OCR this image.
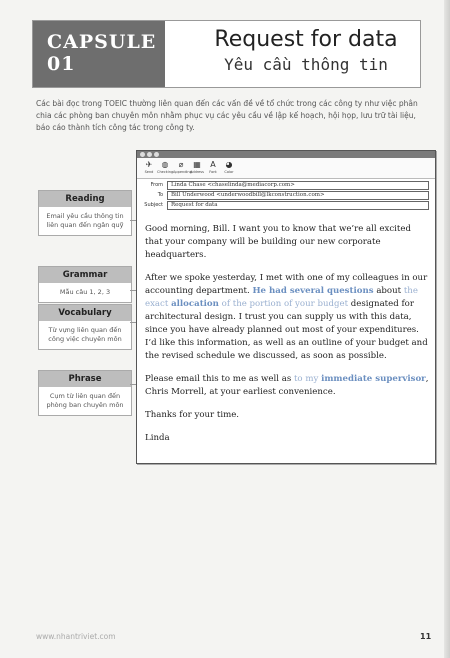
CAPSULE 01
Request for data
Yêu cầu thông tin
Các bài đọc trong TOEIC thường liên quan đến các vấn đề về tổ chức trong các công ty như việc phân chia các phòng ban chuyên môn nhằm phục vụ các yêu cầu về lập kế hoạch, hội họp, lưu trữ tài liệu, báo cáo thành tích công tác trong công ty.
Reading
Email yêu cầu thông tin liên quan đến ngân quỹ
Grammar
Mẫu câu 1, 2, 3
Vocabulary
Từ vựng liên quan đến công việc chuyên môn
Phrase
Cụm từ liên quan đến phòng ban chuyên môn
✈
Send
◍
Checking
⌀
Appending
▦
Address
A
Font
◕
Color
From	Linda Chase <chaselinda@mediacorp.com>
To	Bill Underwood <underwoodbill@lkconstruction.com>
Subject	Request for data

Good morning, Bill. I want you to know that we’re all excited that your company will be building our new corporate headquarters.

After we spoke yesterday, I met with one of my colleagues in our accounting department. He had several questions about the exact allocation of the portion of your budget designated for architectural design. I trust you can supply us with this data, since you have already planned out most of your expenditures. I’d like this information, as well as an outline of your budget and the revised schedule we discussed, as soon as possible.

Please email this to me as well as to my immediate supervisor, Chris Morrell, at your earliest convenience.

Thanks for your time.

Linda

www.nhantriviet.com	11
